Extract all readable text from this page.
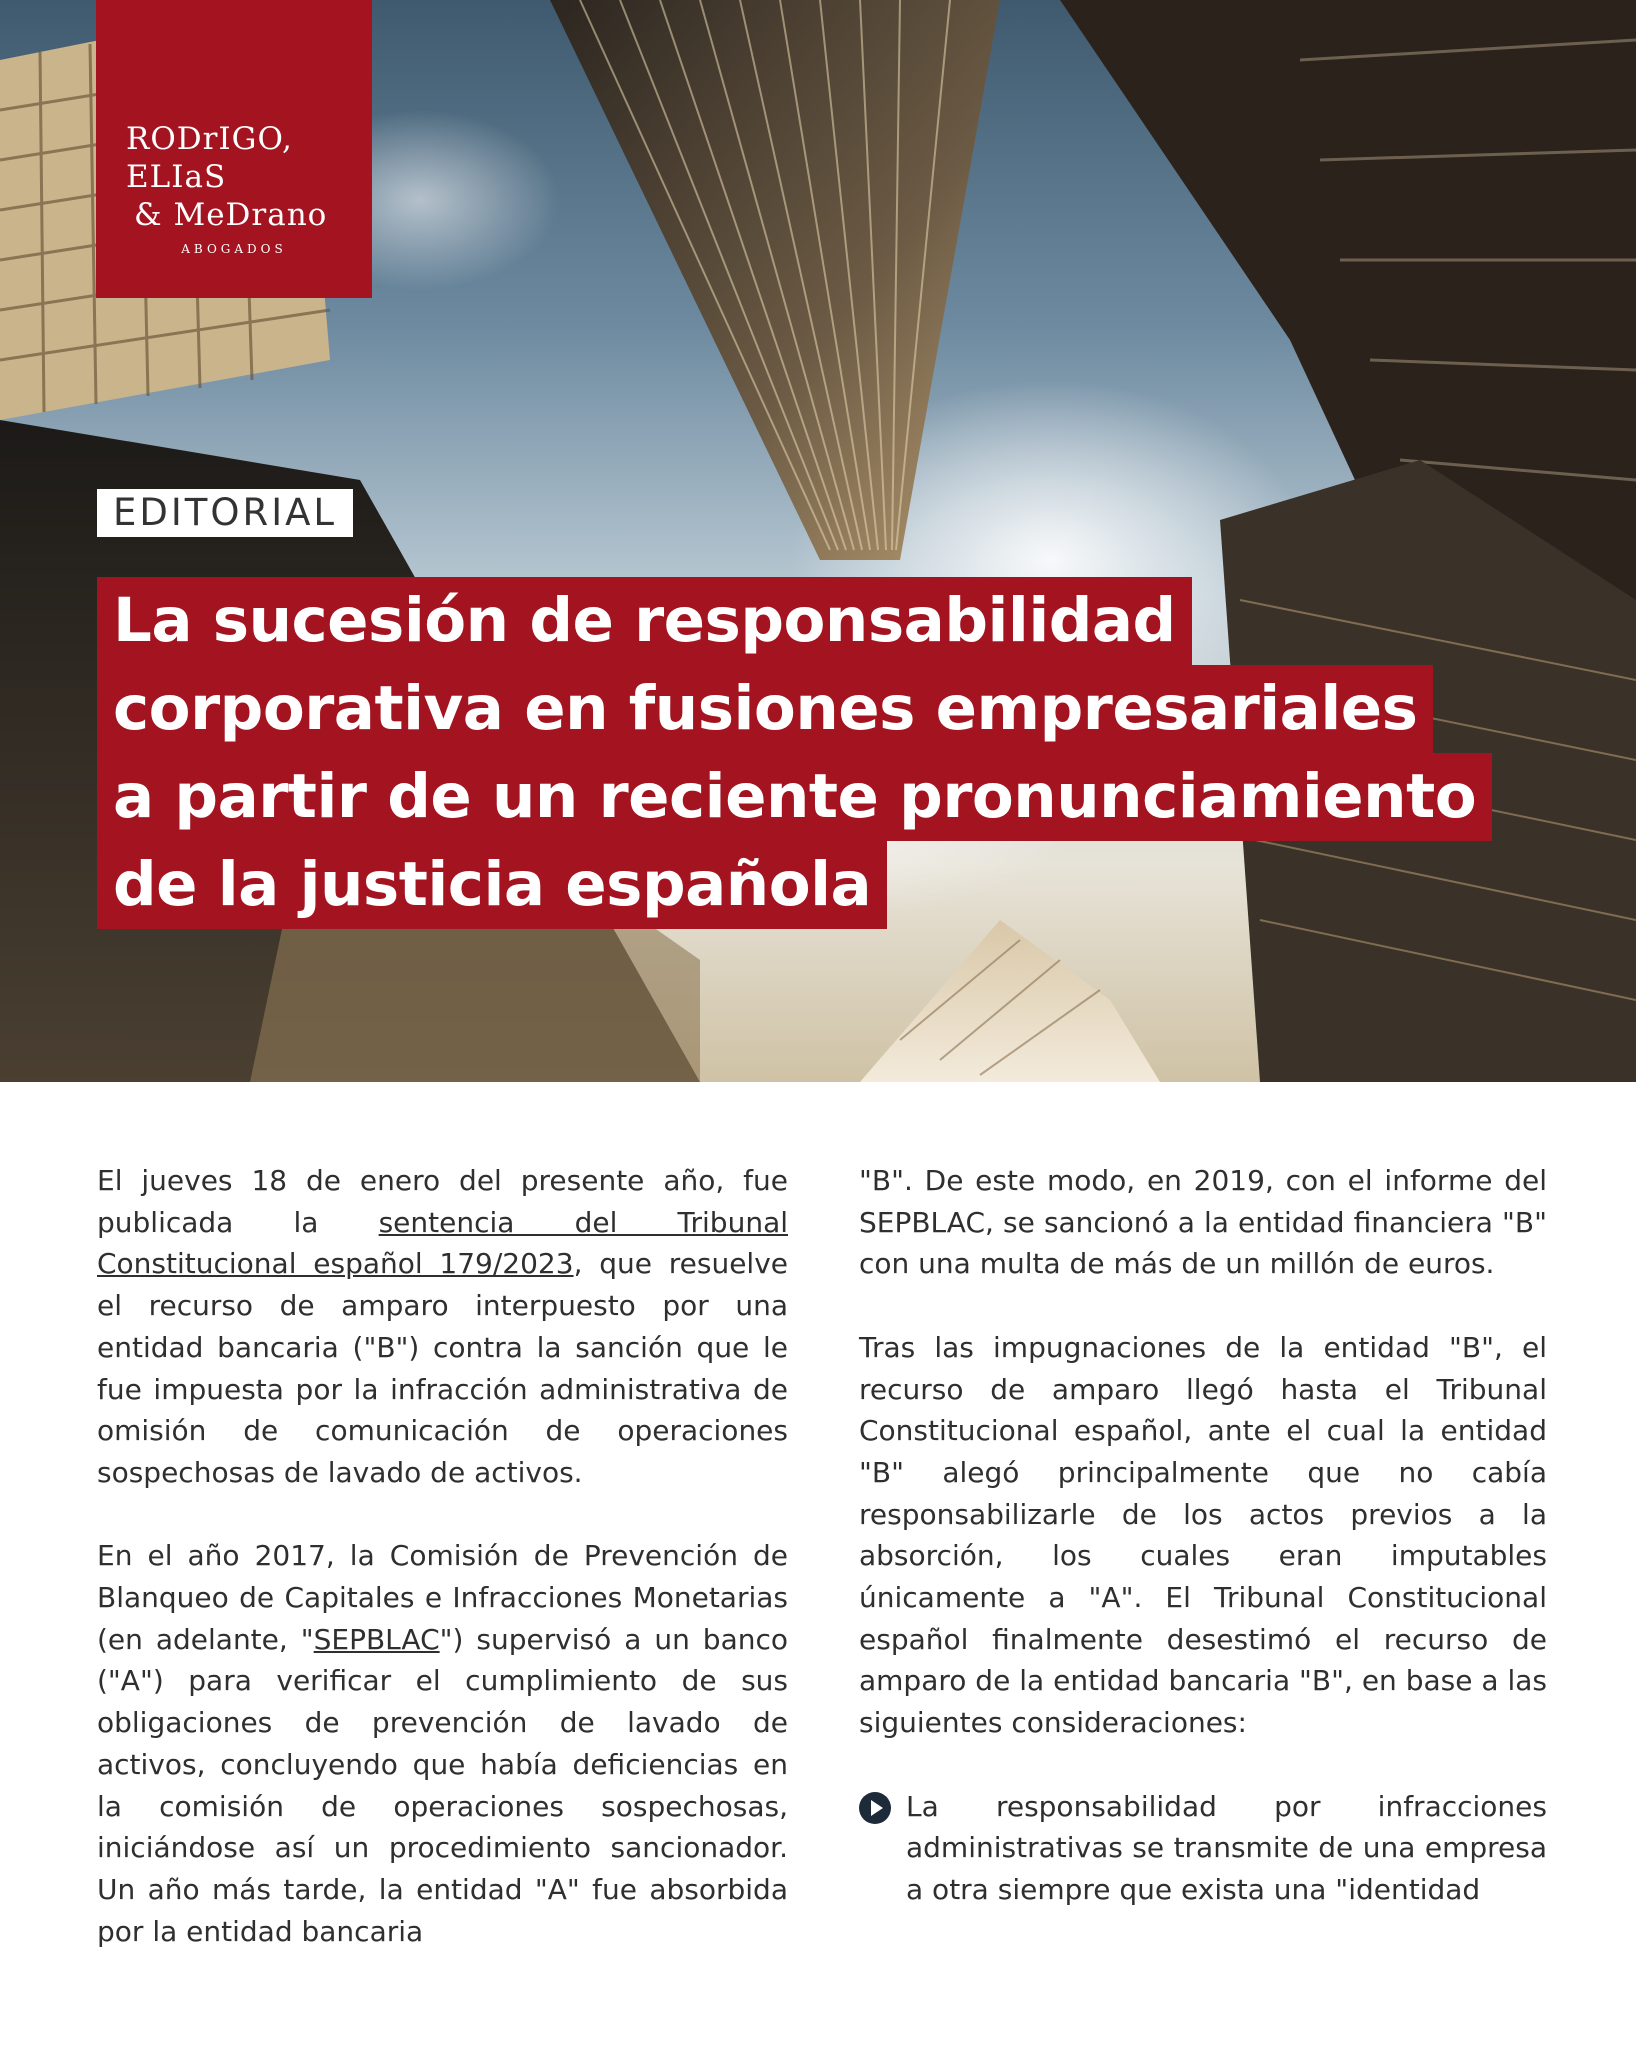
RODrIGO,
ELIaS
& MeDrano
ABOGADOS
EDITORIAL
La sucesión de responsabilidad
corporativa en fusiones empresariales
a partir de un reciente pronunciamiento
de la justicia española

El jueves 18 de enero del presente año, fue publicada la sentencia del Tribunal Constitucional español 179/2023, que resuelve el recurso de amparo interpuesto por una entidad bancaria ("B") contra la sanción que le fue impuesta por la infracción administrativa de omisión de comunicación de operaciones sospechosas de lavado de activos.

En el año 2017, la Comisión de Prevención de Blanqueo de Capitales e Infracciones Monetarias (en adelante, "SEPBLAC") supervisó a un banco ("A") para verificar el cumplimiento de sus obligaciones de prevención de lavado de activos, concluyendo que había deficiencias en la comisión de operaciones sospechosas, iniciándose así un procedimiento sancionador. Un año más tarde, la entidad "A" fue absorbida por la entidad bancaria

"B". De este modo, en 2019, con el informe del SEPBLAC, se sancionó a la entidad financiera "B" con una multa de más de un millón de euros.

Tras las impugnaciones de la entidad "B", el recurso de amparo llegó hasta el Tribunal Constitucional español, ante el cual la entidad "B" alegó principalmente que no cabía responsabilizarle de los actos previos a la absorción, los cuales eran imputables únicamente a "A". El Tribunal Constitucional español finalmente desestimó el recurso de amparo de la entidad bancaria "B", en base a las siguientes consideraciones:

La responsabilidad por infracciones administrativas se transmite de una empresa a otra siempre que exista una "identidad
